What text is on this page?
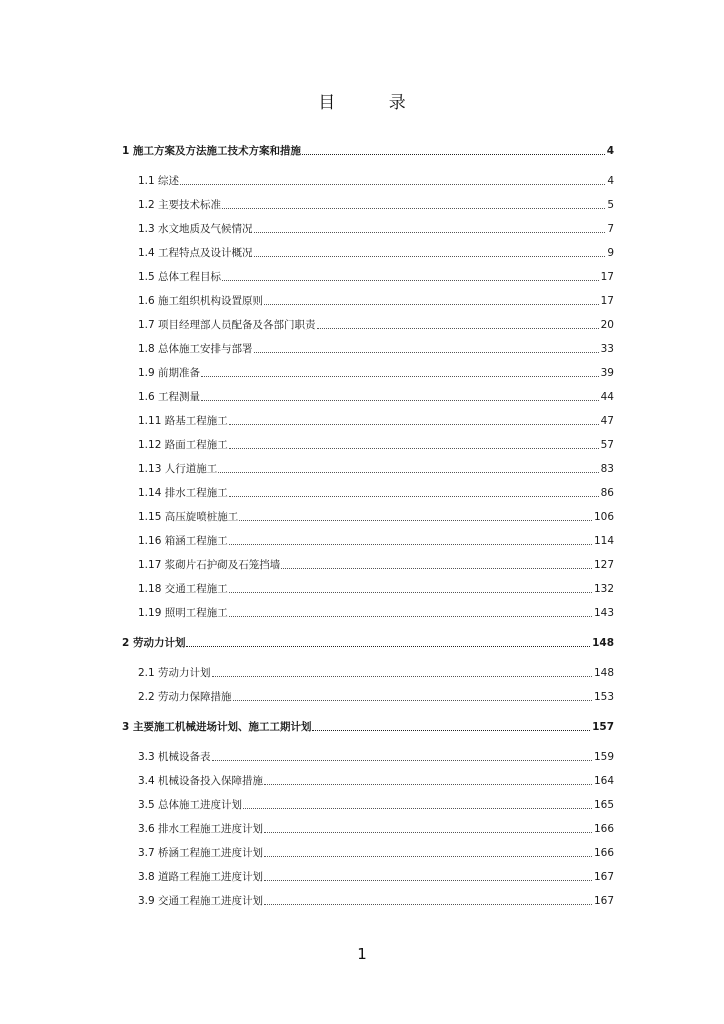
目 录
1 施工方案及方法施工技术方案和措施	4
1.1 综述	4
1.2 主要技术标准	5
1.3 水文地质及气候情况	7
1.4 工程特点及设计概况	9
1.5 总体工程目标	17
1.6 施工组织机构设置原则	17
1.7 项目经理部人员配备及各部门职责	20
1.8 总体施工安排与部署	33
1.9 前期准备	39
1.6 工程测量	44
1.11 路基工程施工	47
1.12 路面工程施工	57
1.13 人行道施工	83
1.14 排水工程施工	86
1.15 高压旋喷桩施工	106
1.16 箱涵工程施工	114
1.17 浆砌片石护砌及石笼挡墙	127
1.18 交通工程施工	132
1.19 照明工程施工	143
2 劳动力计划	148
2.1 劳动力计划	148
2.2 劳动力保障措施	153
3 主要施工机械进场计划、施工工期计划	157
3.3 机械设备表	159
3.4 机械设备投入保障措施	164
3.5 总体施工进度计划	165
3.6 排水工程施工进度计划	166
3.7 桥涵工程施工进度计划	166
3.8 道路工程施工进度计划	167
3.9 交通工程施工进度计划	167
1
